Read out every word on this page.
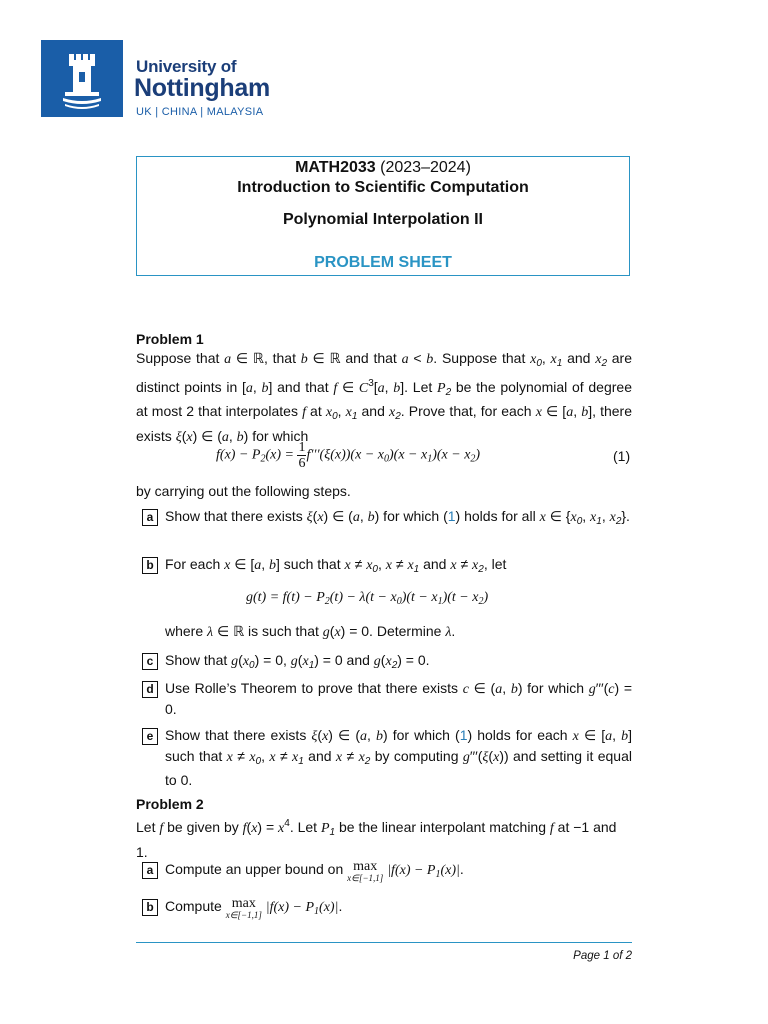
University of
Nottingham
UK | CHINA | MALAYSIA
MATH2033 (2023–2024)
Introduction to Scientific Computation
Polynomial Interpolation II
PROBLEM SHEET
Problem 1
Suppose that a ∈ ℝ, that b ∈ ℝ and that a < b. Suppose that $x_0$, $x_1$ and $x_2$ are distinct points in [a, b] and that f ∈ $C^3[a$, b]. Let $P_2$ be the polynomial of degree at most 2 that interpolates f at $x_0$, $x_1$ and $x_2$. Prove that, for each x ∈ [a, b], there exists ξ(x) ∈ (a, b) for which
$f(x) - P_2(x) = \frac{1}{6} f'''(\xi(x))(x - x_0)(x - x_1)(x - x_2)$	(1)
by carrying out the following steps.
a Show that there exists ξ(x) ∈ (a, b) for which (1) holds for all x ∈ {$x_0$, $x_1$, $x_2$}.
b For each x ∈ [a, b] such that $x \ne x_0$, $x \ne x_1$ and $x \ne x_2$, let
$g(t) = f(t) - P_2(t) - \lambda(t - x_0)(t - x_1)(t - x_2)$
where λ ∈ ℝ is such that g(x) = 0. Determine λ.
c Show that $g(x_0) = 0$, $g(x_1) = 0$ and $g(x_2) = 0$.
d Use Rolle’s Theorem to prove that there exists c ∈ (a, b) for which g′′′(c) = 0.
e Show that there exists ξ(x) ∈ (a, b) for which (1) holds for each x ∈ [a, b] such that $x \ne x_0$, $x \ne x_1$ and $x \ne x_2$ by computing g′′′(ξ(x)) and setting it equal to 0.
Problem 2
Let f be given by $f(x) = x^4$. Let $P_1$ be the linear interpolant matching f at −1 and 1.
a Compute an upper bound on max
x∈[−1,1] $|f(x) - P_1(x)|$.
b Compute max
x∈[−1,1] $|f(x) - P_1(x)|$.
Page 1 of 2
